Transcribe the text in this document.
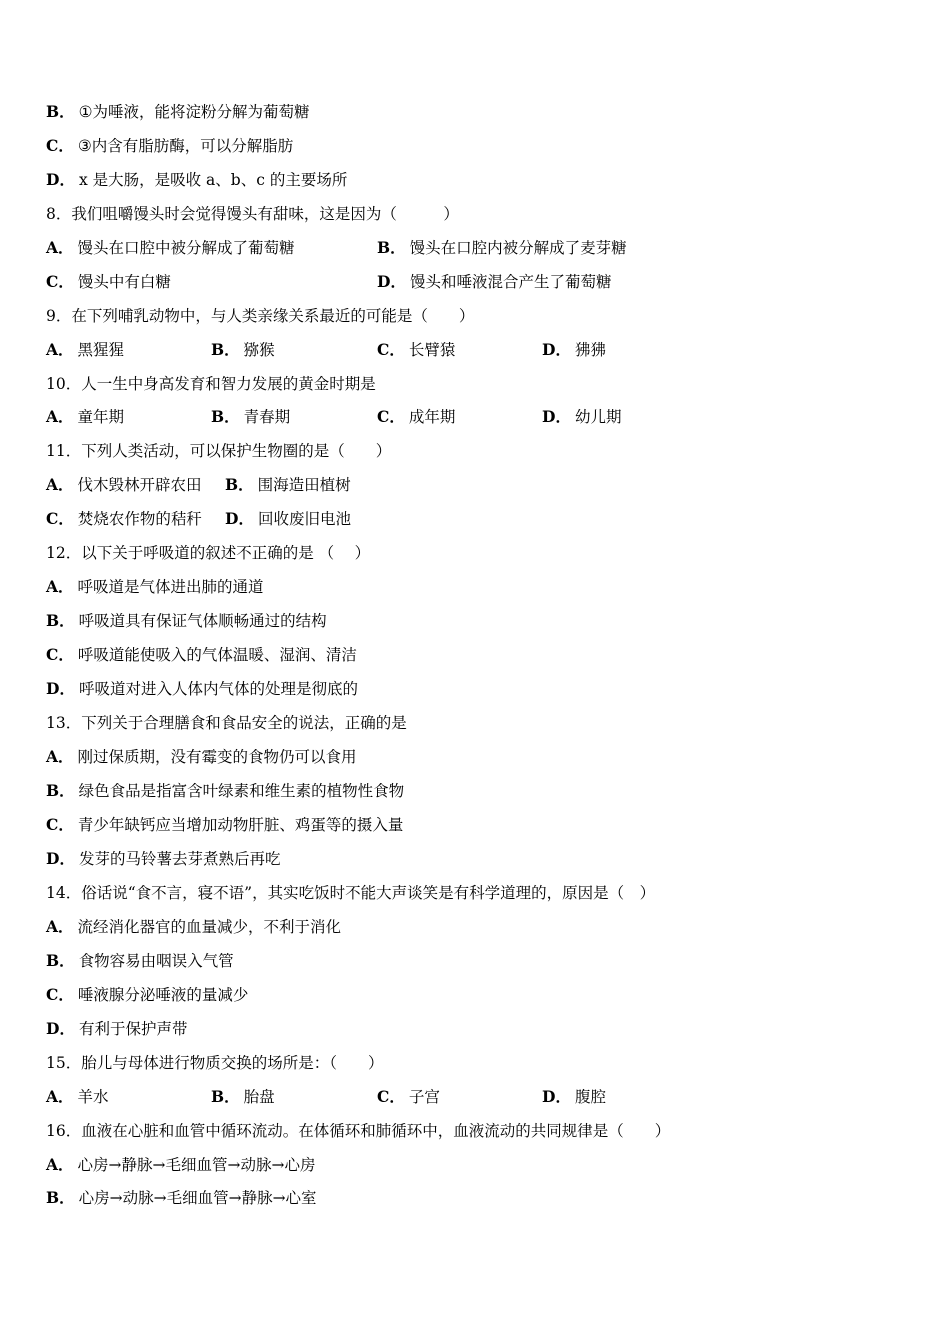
B． ①为唾液，能将淀粉分解为葡萄糖
C． ③内含有脂肪酶，可以分解脂肪
D． x 是大肠，是吸收 a、b、c 的主要场所
8．我们咀嚼馒头时会觉得馒头有甜味，这是因为（　　　）
A． 馒头在口腔中被分解成了葡萄糖	B． 馒头在口腔内被分解成了麦芽糖
C． 馒头中有白糖	D． 馒头和唾液混合产生了葡萄糖
9．在下列哺乳动物中，与人类亲缘关系最近的可能是（　　）
A． 黑猩猩	B． 猕猴	C． 长臂猿	D． 狒狒
10．人一生中身高发育和智力发展的黄金时期是
A． 童年期	B． 青春期	C． 成年期	D． 幼儿期
11．下列人类活动，可以保护生物圈的是（　　）
A． 伐木毁林开辟农田 B． 围海造田植树
C． 焚烧农作物的秸秆 D． 回收废旧电池
12．以下关于呼吸道的叙述不正确的是 （　 ）
A． 呼吸道是气体进出肺的通道
B． 呼吸道具有保证气体顺畅通过的结构
C． 呼吸道能使吸入的气体温暖、湿润、清洁
D． 呼吸道对进入人体内气体的处理是彻底的
13．下列关于合理膳食和食品安全的说法，正确的是
A． 刚过保质期，没有霉变的食物仍可以食用
B． 绿色食品是指富含叶绿素和维生素的植物性食物
C． 青少年缺钙应当增加动物肝脏、鸡蛋等的摄入量
D． 发芽的马铃薯去芽煮熟后再吃
14．俗话说“食不言，寝不语”，其实吃饭时不能大声谈笑是有科学道理的，原因是（　）
A． 流经消化器官的血量减少，不利于消化
B． 食物容易由咽误入气管
C． 唾液腺分泌唾液的量减少
D． 有利于保护声带
15．胎儿与母体进行物质交换的场所是：（　　）
A． 羊水	B． 胎盘	C． 子宫	D． 腹腔
16．血液在心脏和血管中循环流动。在体循环和肺循环中，血液流动的共同规律是（　　）
A． 心房→静脉→毛细血管→动脉→心房
B． 心房→动脉→毛细血管→静脉→心室
